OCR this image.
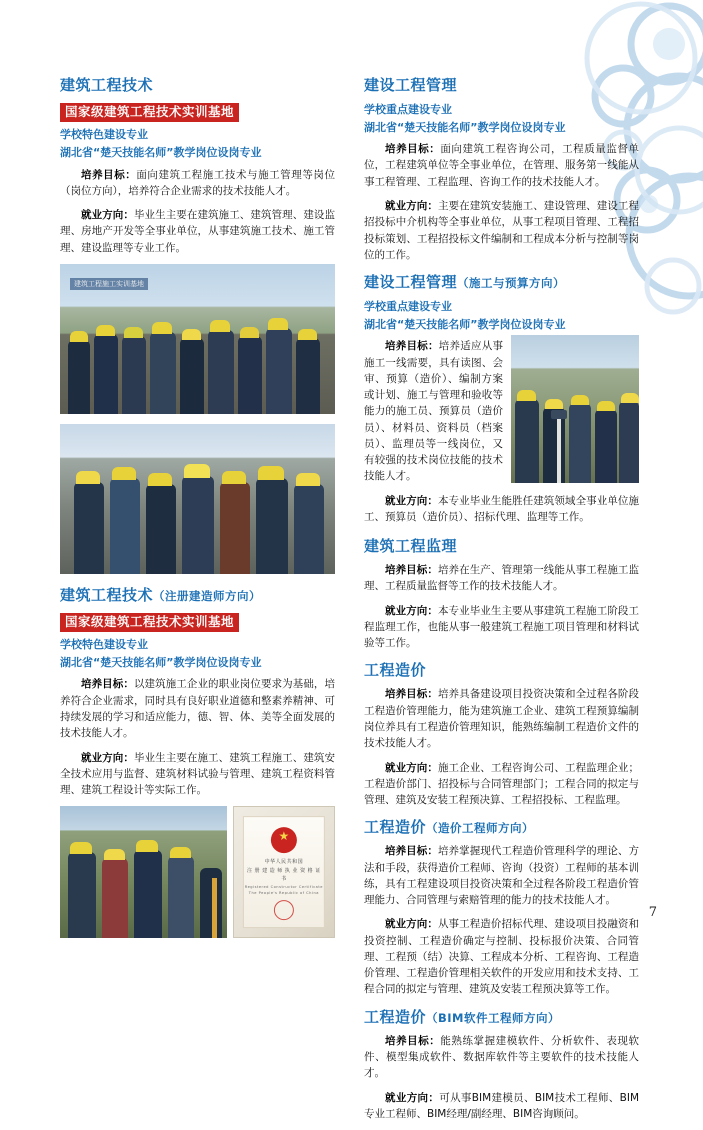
建筑工程技术
国家级建筑工程技术实训基地
学校特色建设专业
湖北省“楚天技能名师”教学岗位设岗专业

培养目标：面向建筑工程施工技术与施工管理等岗位（岗位方向），培养符合企业需求的技术技能人才。

就业方向：毕业生主要在建筑施工、建筑管理、建设监理、房地产开发等全事业单位，从事建筑施工技术、施工管理、建设监理等专业工作。

建筑工程施工实训基地
建筑工程技术（注册建造师方向）
国家级建筑工程技术实训基地
学校特色建设专业
湖北省“楚天技能名师”教学岗位设岗专业

培养目标：以建筑施工企业的职业岗位要求为基础，培养符合企业需求，同时具有良好职业道德和整素养精神、可持续发展的学习和适应能力，德、智、体、美等全面发展的技术技能人才。

就业方向：毕业生主要在施工、建筑工程施工、建筑安全技术应用与监督、建筑材料试验与管理、建筑工程资料管理、建筑工程设计等实际工作。

★
中华人民共和国
注 册 建 造 师 执 业 资 格 证 书
Registered Constructor Certificate
The People's Republic of China
建设工程管理
学校重点建设专业
湖北省“楚天技能名师”教学岗位设岗专业

培养目标：面向建筑工程咨询公司，工程质量监督单位，工程建筑单位等全事业单位，在管理、服务第一线能从事工程管理、工程监理、咨询工作的技术技能人才。

就业方向：主要在建筑安装施工、建设管理、建设工程招投标中介机构等全事业单位，从事工程项目管理、工程招投标策划、工程招投标文件编制和工程成本分析与控制等岗位的工作。

建设工程管理（施工与预算方向）
学校重点建设专业
湖北省“楚天技能名师”教学岗位设岗专业

培养目标：培养适应从事施工一线需要，具有读图、会审、预算（造价）、编制方案或计划、施工与管理和验收等能力的施工员、预算员（造价员）、材料员、资料员（档案员）、监理员等一线岗位，又有较强的技术岗位技能的技术技能人才。

就业方向：本专业毕业生能胜任建筑领域全事业单位施工、预算员（造价员）、招标代理、监理等工作。

建筑工程监理

培养目标：培养在生产、管理第一线能从事工程施工监理、工程质量监督等工作的技术技能人才。

就业方向：本专业毕业生主要从事建筑工程施工阶段工程监理工作，也能从事一般建筑工程施工项目管理和材料试验等工作。

工程造价

培养目标：培养具备建设项目投资决策和全过程各阶段工程造价管理能力，能为建筑施工企业、建筑工程预算编制岗位养具有工程造价管理知识，能熟练编制工程造价文件的技术技能人才。

就业方向：施工企业、工程咨询公司、工程监理企业；工程造价部门、招投标与合同管理部门；工程合同的拟定与管理、建筑及安装工程预决算、工程招投标、工程监理。

工程造价（造价工程师方向）

培养目标：培养掌握现代工程造价管理科学的理论、方法和手段，获得造价工程师、咨询（投资）工程师的基本训练，具有工程建设项目投资决策和全过程各阶段工程造价管理能力、合同管理与索赔管理的能力的技术技能人才。

就业方向：从事工程造价招标代理、建设项目投融资和投资控制、工程造价确定与控制、投标报价决策、合同管理、工程预（结）决算、工程成本分析、工程咨询、工程造价管理、工程造价管理相关软件的开发应用和技术支持、工程合同的拟定与管理、建筑及安装工程预决算等工作。

工程造价（BIM软件工程师方向）

培养目标：能熟练掌握建模软件、分析软件、表现软件、模型集成软件、数据库软件等主要软件的技术技能人才。

就业方向：可从事BIM建模员、BIM技术工程师、BIM专业工程师、BIM经理/副经理、BIM咨询顾问。

7
